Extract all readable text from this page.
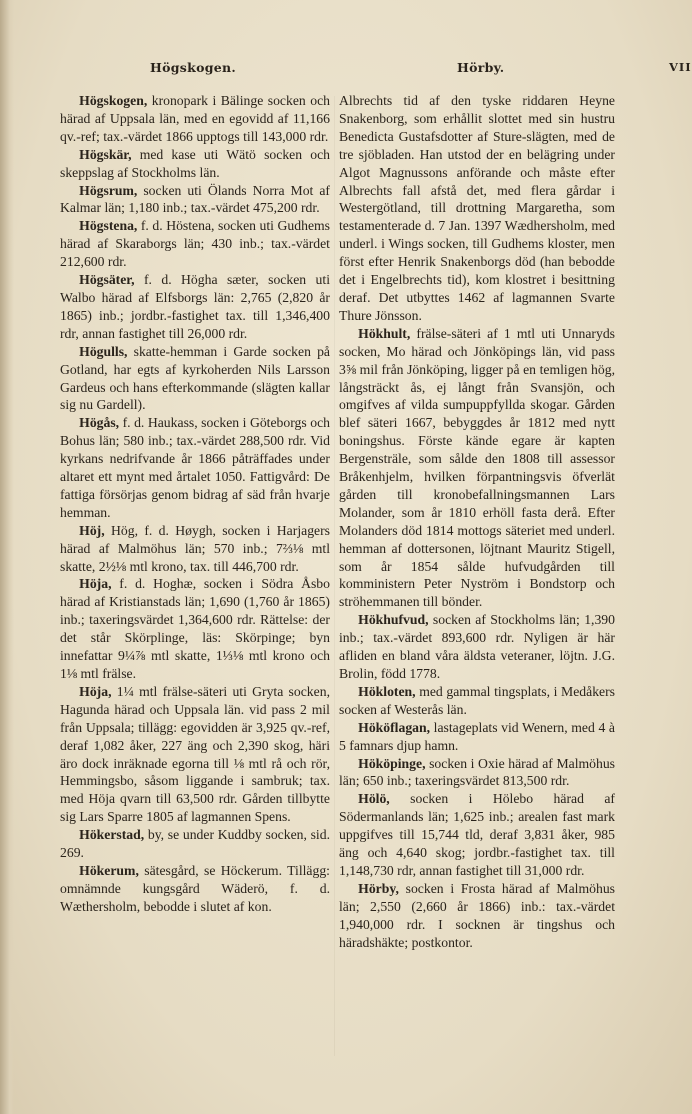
Högskogen.	Hörby.	VII

Högskogen, kronopark i Bälinge socken och härad af Uppsala län, med en egovidd af 11,166 qv.-ref; tax.-värdet 1866 upptogs till 143,000 rdr.

Högskär, med kase uti Wätö socken och skeppslag af Stockholms län.

Högsrum, socken uti Ölands Norra Mot af Kalmar län; 1,180 inb.; tax.-värdet 475,200 rdr.

Högstena, f. d. Höstena, socken uti Gudhems härad af Skaraborgs län; 430 inb.; tax.-värdet 212,600 rdr.

Högsäter, f. d. Högha sæter, socken uti Walbo härad af Elfsborgs län: 2,765 (2,820 år 1865) inb.; jordbr.-fastighet tax. till 1,346,400 rdr, annan fastighet till 26,000 rdr.

Högulls, skatte-hemman i Garde socken på Gotland, har egts af kyrkoherden Nils Larsson Gardeus och hans efterkommande (slägten kallar sig nu Gardell).

Högås, f. d. Haukass, socken i Göteborgs och Bohus län; 580 inb.; tax.-värdet 288,500 rdr. Vid kyrkans nedrifvande år 1866 påträffades under altaret ett mynt med årtalet 1050. Fattigvård: De fattiga försörjas genom bidrag af säd från hvarje hemman.

Höj, Hög, f. d. Høygh, socken i Harjagers härad af Malmöhus län; 570 inb.; 7⅔⅛ mtl skatte, 2½⅛ mtl krono, tax. till 446,700 rdr.

Höja, f. d. Hoghæ, socken i Södra Åsbo härad af Kristianstads län; 1,690 (1,760 år 1865) inb.; taxeringsvärdet 1,364,600 rdr. Rättelse: der det står Skörplinge, läs: Skörpinge; byn innefattar 9¼⅞ mtl skatte, 1⅓⅛ mtl krono och 1⅛ mtl frälse.

Höja, 1¼ mtl frälse-säteri uti Gryta socken, Hagunda härad och Uppsala län. vid pass 2 mil från Uppsala; tillägg: egovidden är 3,925 qv.-ref, deraf 1,082 åker, 227 äng och 2,390 skog, häri äro dock inräknade egorna till ⅛ mtl rå och rör, Hemmingsbo, såsom liggande i sambruk; tax. med Höja qvarn till 63,500 rdr. Gården tillbytte sig Lars Sparre 1805 af lagmannen Spens.

Hökerstad, by, se under Kuddby socken, sid. 269.

Hökerum, sätesgård, se Höckerum. Tillägg: omnämnde kungsgård Wäderö, f. d. Wæthersholm, bebodde i slutet af kon.

Albrechts tid af den tyske riddaren Heyne Snakenborg, som erhållit slottet med sin hustru Benedicta Gustafsdotter af Sture-slägten, med de tre sjöbladen. Han utstod der en belägring under Algot Magnussons anförande och måste efter Albrechts fall afstå det, med flera gårdar i Westergötland, till drottning Margaretha, som testamenterade d. 7 Jan. 1397 Wædhersholm, med underl. i Wings socken, till Gudhems kloster, men först efter Henrik Snakenborgs död (han bebodde det i Engelbrechts tid), kom klostret i besittning deraf. Det utbyttes 1462 af lagmannen Svarte Thure Jönsson.

Hökhult, frälse-säteri af 1 mtl uti Unnaryds socken, Mo härad och Jönköpings län, vid pass 3⅝ mil från Jönköping, ligger på en temligen hög, långsträckt ås, ej långt från Svansjön, och omgifves af vilda sumpuppfyllda skogar. Gården blef säteri 1667, bebyggdes år 1812 med nytt boningshus. Förste kände egare är kapten Bergensträle, som sålde den 1808 till assessor Bråkenhjelm, hvilken förpantningsvis öfverlät gården till kronobefallningsmannen Lars Molander, som år 1810 erhöll fasta derå. Efter Molanders död 1814 mottogs säteriet med underl. hemman af dottersonen, löjtnant Mauritz Stigell, som år 1854 sålde hufvudgården till komministern Peter Nyström i Bondstorp och ströhemmanen till bönder.

Hökhufvud, socken af Stockholms län; 1,390 inb.; tax.-värdet 893,600 rdr. Nyligen är här afliden en bland våra äldsta veteraner, löjtn. J.G. Brolin, född 1778.

Hökloten, med gammal tingsplats, i Medåkers socken af Westerås län.

Hököflagan, lastageplats vid Wenern, med 4 à 5 famnars djup hamn.

Hököpinge, socken i Oxie härad af Malmöhus län; 650 inb.; taxeringsvärdet 813,500 rdr.

Hölö, socken i Hölebo härad af Södermanlands län; 1,625 inb.; arealen fast mark uppgifves till 15,744 tld, deraf 3,831 åker, 985 äng och 4,640 skog; jordbr.-fastighet tax. till 1,148,730 rdr, annan fastighet till 31,000 rdr.

Hörby, socken i Frosta härad af Malmöhus län; 2,550 (2,660 år 1866) inb.: tax.-värdet 1,940,000 rdr. I socknen är tingshus och häradshäkte; postkontor.
